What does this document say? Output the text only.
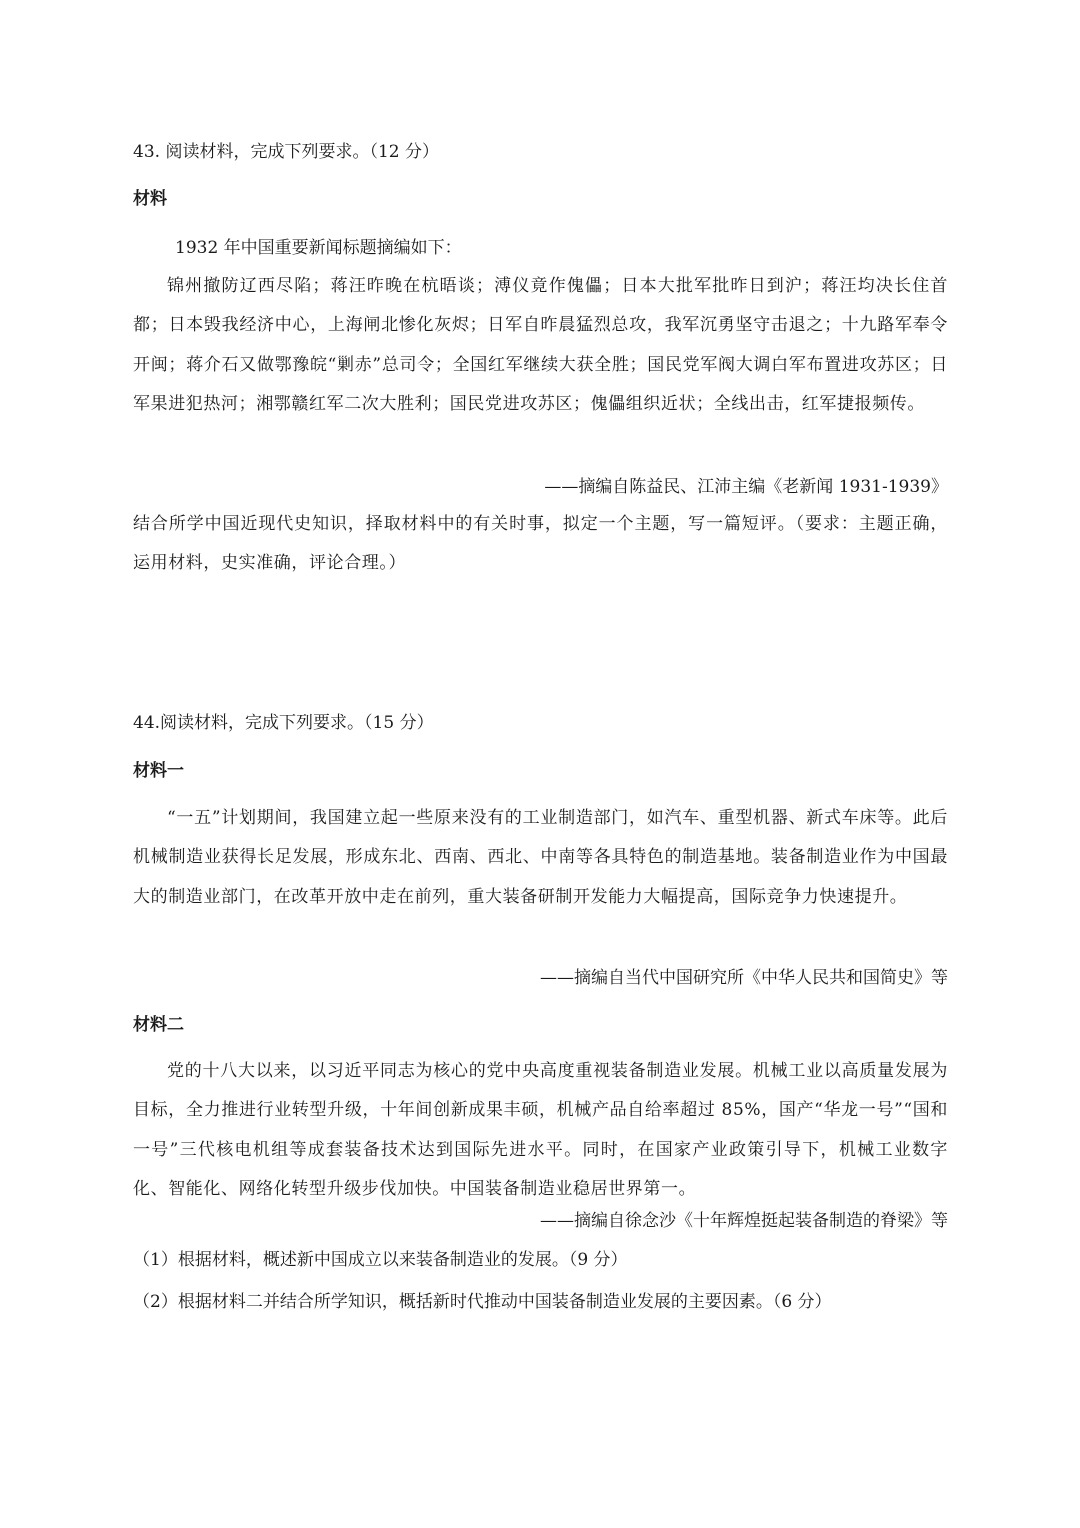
43. 阅读材料，完成下列要求。（12 分）
材料
1932 年中国重要新闻标题摘编如下：
锦州撤防辽西尽陷；蒋汪昨晚在杭晤谈；溥仪竟作傀儡；日本大批军批昨日到沪；蒋汪均决长住首都；日本毁我经济中心，上海闸北惨化灰烬；日军自昨晨猛烈总攻，我军沉勇坚守击退之；十九路军奉令开闽；蒋介石又做鄂豫皖“剿赤”总司令；全国红军继续大获全胜；国民党军阀大调白军布置进攻苏区；日军果进犯热河；湘鄂赣红军二次大胜利；国民党进攻苏区；傀儡组织近状；全线出击，红军捷报频传。
——摘编自陈益民、江沛主编《老新闻 1931-1939》
结合所学中国近现代史知识，择取材料中的有关时事，拟定一个主题，写一篇短评。（要求：主题正确，运用材料，史实准确，评论合理。）
44.阅读材料，完成下列要求。（15 分）
材料一
“一五”计划期间，我国建立起一些原来没有的工业制造部门，如汽车、重型机器、新式车床等。此后机械制造业获得长足发展，形成东北、西南、西北、中南等各具特色的制造基地。装备制造业作为中国最大的制造业部门，在改革开放中走在前列，重大装备研制开发能力大幅提高，国际竞争力快速提升。
——摘编自当代中国研究所《中华人民共和国简史》等
材料二
党的十八大以来，以习近平同志为核心的党中央高度重视装备制造业发展。机械工业以高质量发展为目标，全力推进行业转型升级，十年间创新成果丰硕，机械产品自给率超过 85%，国产“华龙一号”“国和一号”三代核电机组等成套装备技术达到国际先进水平。同时，在国家产业政策引导下，机械工业数字化、智能化、网络化转型升级步伐加快。中国装备制造业稳居世界第一。
——摘编自徐念沙《十年辉煌挺起装备制造的脊梁》等
（1）根据材料，概述新中国成立以来装备制造业的发展。（9 分）
（2）根据材料二并结合所学知识，概括新时代推动中国装备制造业发展的主要因素。（6 分）
